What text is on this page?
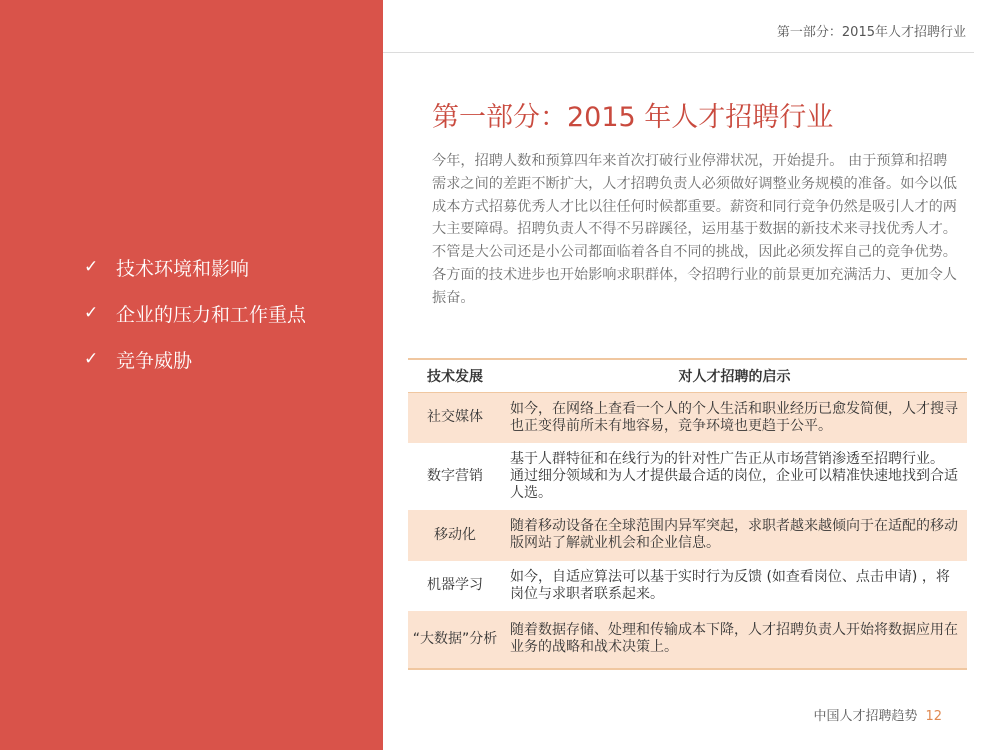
✓ 技术环境和影响
✓ 企业的压力和工作重点
✓ 竞争威胁
第一部分：2015年人才招聘行业
第一部分：2015 年人才招聘行业
今年，招聘人数和预算四年来首次打破行业停滞状况，开始提升。 由于预算和招聘需求之间的差距不断扩大，人才招聘负责人必须做好调整业务规模的准备。如今以低成本方式招募优秀人才比以往任何时候都重要。薪资和同行竞争仍然是吸引人才的两大主要障碍。招聘负责人不得不另辟蹊径，运用基于数据的新技术来寻找优秀人才。不管是大公司还是小公司都面临着各自不同的挑战，因此必须发挥自己的竞争优势。各方面的技术进步也开始影响求职群体，令招聘行业的前景更加充满活力、更加令人振奋。
技术发展	对人才招聘的启示
社交媒体	如今，在网络上查看一个人的个人生活和职业经历已愈发简便，人才搜寻也正变得前所未有地容易，竞争环境也更趋于公平。
数字营销	基于人群特征和在线行为的针对性广告正从市场营销渗透至招聘行业。 通过细分领域和为人才提供最合适的岗位，企业可以精准快速地找到合适人选。
移动化	随着移动设备在全球范围内异军突起，求职者越来越倾向于在适配的移动版网站了解就业机会和企业信息。
机器学习	如今，自适应算法可以基于实时行为反馈 (如查看岗位、点击申请) ，将岗位与求职者联系起来。
“大数据”分析	随着数据存储、处理和传输成本下降，人才招聘负责人开始将数据应用在业务的战略和战术决策上。
中国人才招聘趋势 12
